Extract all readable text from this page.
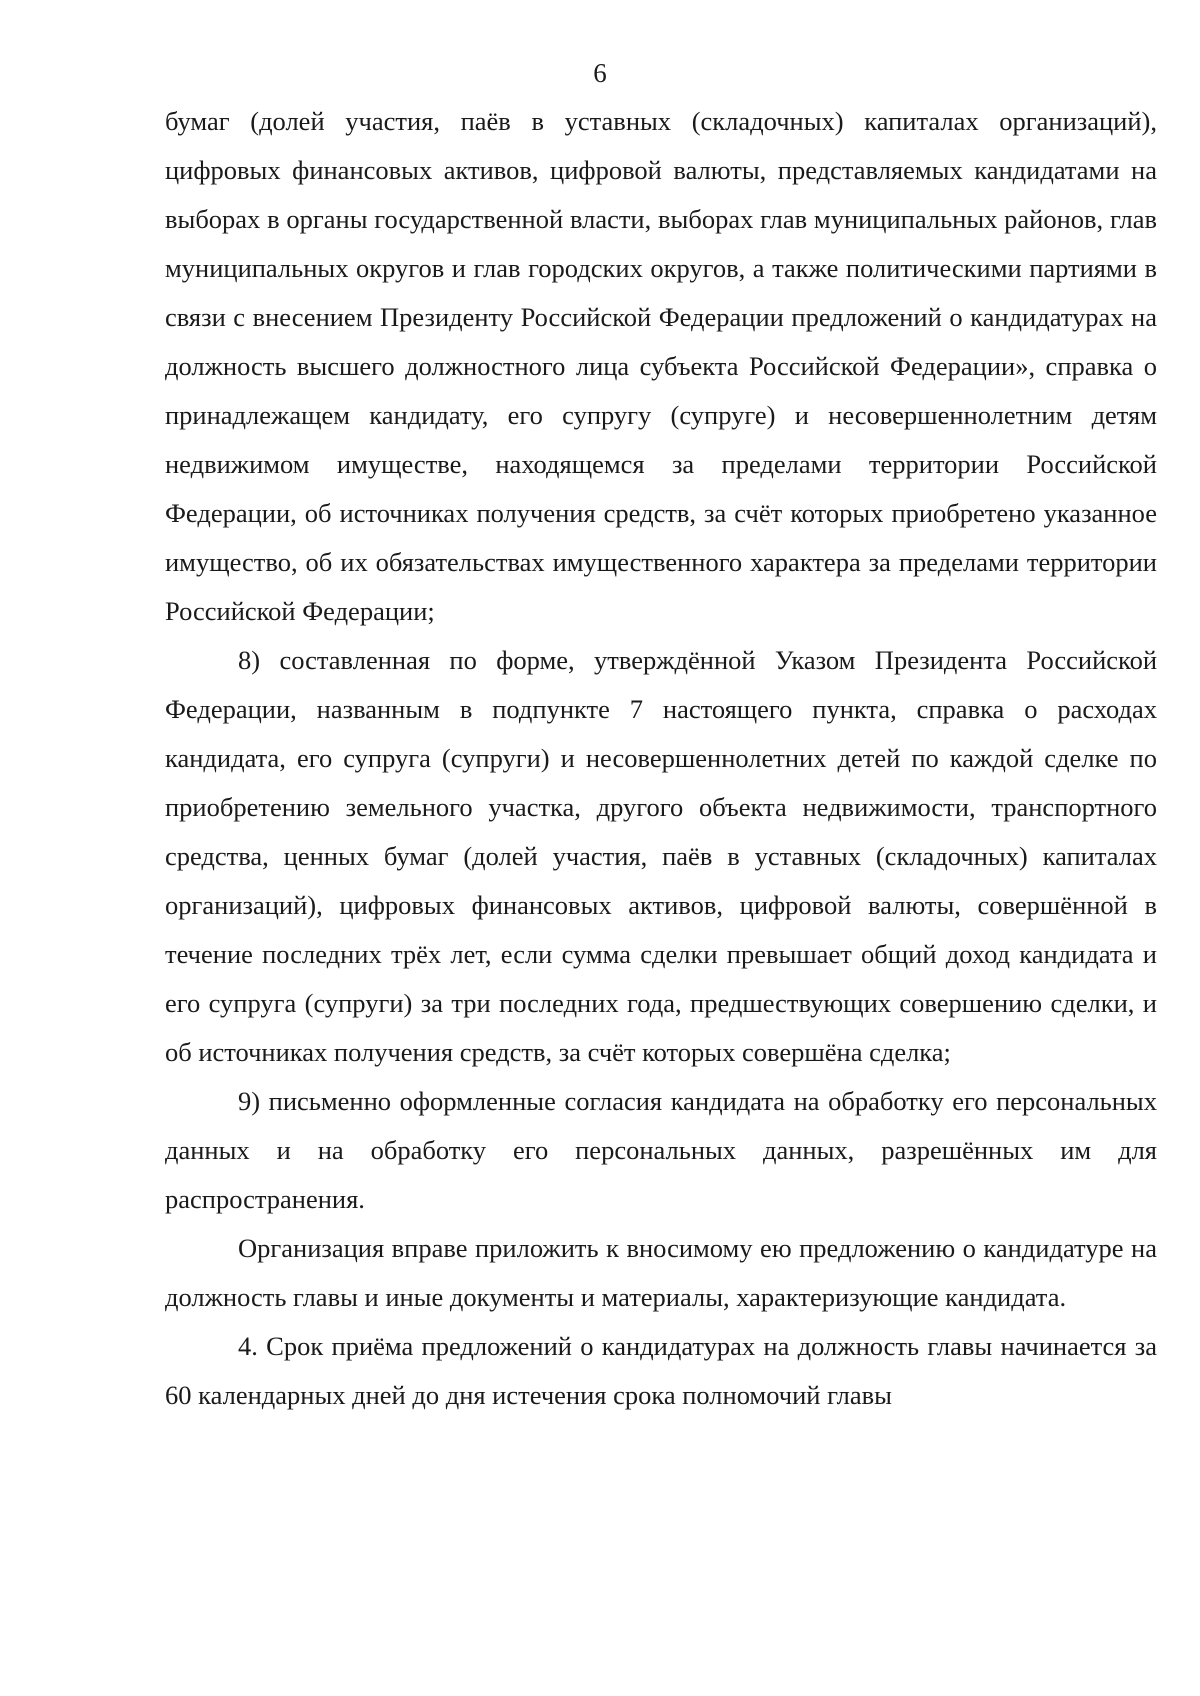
6

бумаг (долей участия, паёв в уставных (складочных) капиталах организаций), цифровых финансовых активов, цифровой валюты, представляемых кандидатами на выборах в органы государственной власти, выборах глав муниципальных районов, глав муниципальных округов и глав городских округов, а также политическими партиями в связи с внесением Президенту Российской Федерации предложений о кандидатурах на должность высшего должностного лица субъекта Российской Федерации», справка о принадлежащем кандидату, его супругу (супруге) и несовершеннолетним детям недвижимом имуществе, находящемся за пределами территории Российской Федерации, об источниках получения средств, за счёт которых приобретено указанное имущество, об их обязательствах имущественного характера за пределами территории Российской Федерации;

8) составленная по форме, утверждённой Указом Президента Российской Федерации, названным в подпункте 7 настоящего пункта, справка о расходах кандидата, его супруга (супруги) и несовершеннолетних детей по каждой сделке по приобретению земельного участка, другого объекта недвижимости, транспортного средства, ценных бумаг (долей участия, паёв в уставных (складочных) капиталах организаций), цифровых финансовых активов, цифровой валюты, совершённой в течение последних трёх лет, если сумма сделки превышает общий доход кандидата и его супруга (супруги) за три последних года, предшествующих совершению сделки, и об источниках получения средств, за счёт которых совершёна сделка;

9) письменно оформленные согласия кандидата на обработку его персональных данных и на обработку его персональных данных, разрешённых им для распространения.

Организация вправе приложить к вносимому ею предложению о кандидатуре на должность главы и иные документы и материалы, характеризующие кандидата.

4. Срок приёма предложений о кандидатурах на должность главы начинается за 60 календарных дней до дня истечения срока полномочий главы
